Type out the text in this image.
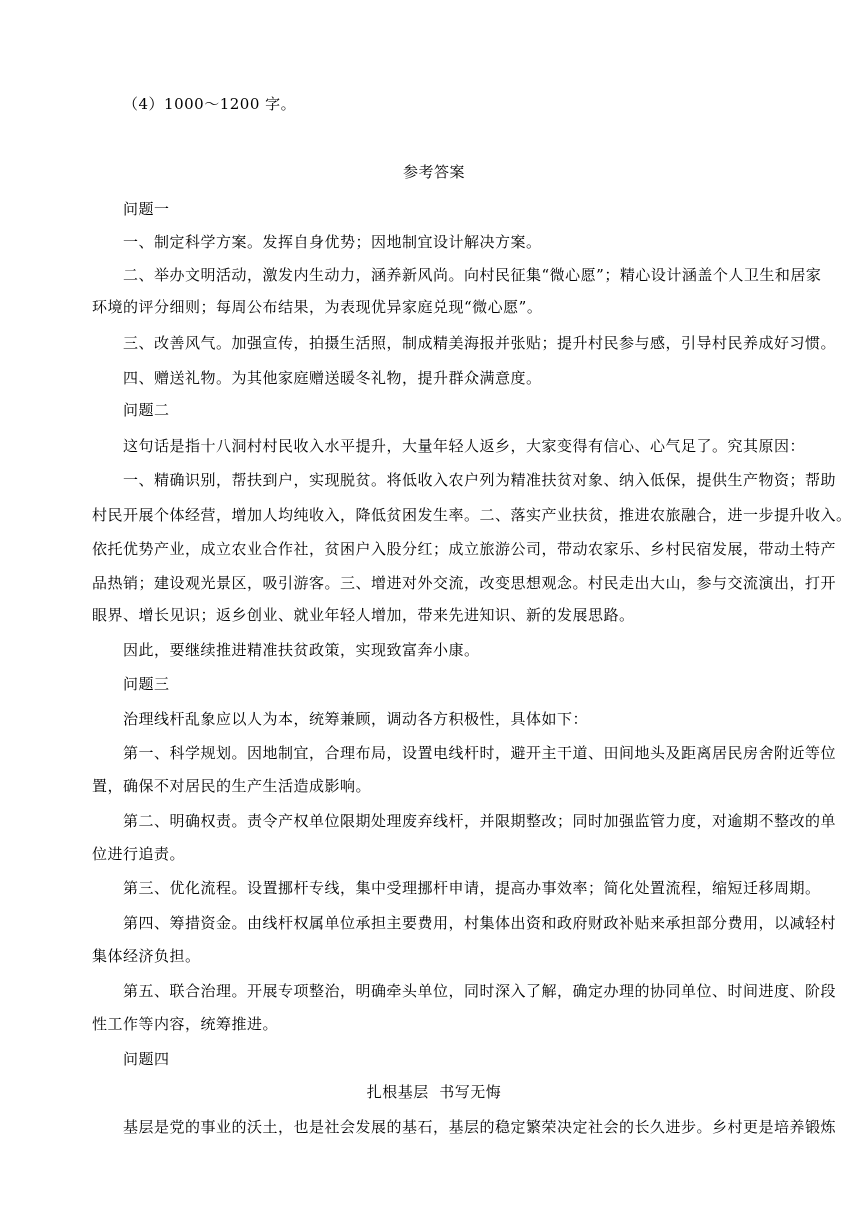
（4）1000～1200 字。
参考答案
问题一
一、制定科学方案。发挥自身优势；因地制宜设计解决方案。
二、举办文明活动，激发内生动力，涵养新风尚。向村民征集“微心愿”；精心设计涵盖个人卫生和居家
环境的评分细则；每周公布结果，为表现优异家庭兑现“微心愿”。
三、改善风气。加强宣传，拍摄生活照，制成精美海报并张贴；提升村民参与感，引导村民养成好习惯。
四、赠送礼物。为其他家庭赠送暖冬礼物，提升群众满意度。
问题二
这句话是指十八洞村村民收入水平提升，大量年轻人返乡，大家变得有信心、心气足了。究其原因：
一、精确识别，帮扶到户，实现脱贫。将低收入农户列为精准扶贫对象、纳入低保，提供生产物资；帮助
村民开展个体经营，增加人均纯收入，降低贫困发生率。二、落实产业扶贫，推进农旅融合，进一步提升收入。
依托优势产业，成立农业合作社，贫困户入股分红；成立旅游公司，带动农家乐、乡村民宿发展，带动土特产
品热销；建设观光景区，吸引游客。三、增进对外交流，改变思想观念。村民走出大山，参与交流演出，打开
眼界、增长见识；返乡创业、就业年轻人增加，带来先进知识、新的发展思路。
因此，要继续推进精准扶贫政策，实现致富奔小康。
问题三
治理线杆乱象应以人为本，统筹兼顾，调动各方积极性，具体如下：
第一、科学规划。因地制宜，合理布局，设置电线杆时，避开主干道、田间地头及距离居民房舍附近等位
置，确保不对居民的生产生活造成影响。
第二、明确权责。责令产权单位限期处理废弃线杆，并限期整改；同时加强监管力度，对逾期不整改的单
位进行追责。
第三、优化流程。设置挪杆专线，集中受理挪杆申请，提高办事效率；简化处置流程，缩短迁移周期。
第四、筹措资金。由线杆权属单位承担主要费用，村集体出资和政府财政补贴来承担部分费用，以减轻村
集体经济负担。
第五、联合治理。开展专项整治，明确牵头单位，同时深入了解，确定办理的协同单位、时间进度、阶段
性工作等内容，统筹推进。
问题四
扎根基层  书写无悔
基层是党的事业的沃土，也是社会发展的基石，基层的稳定繁荣决定社会的长久进步。乡村更是培养锻炼
